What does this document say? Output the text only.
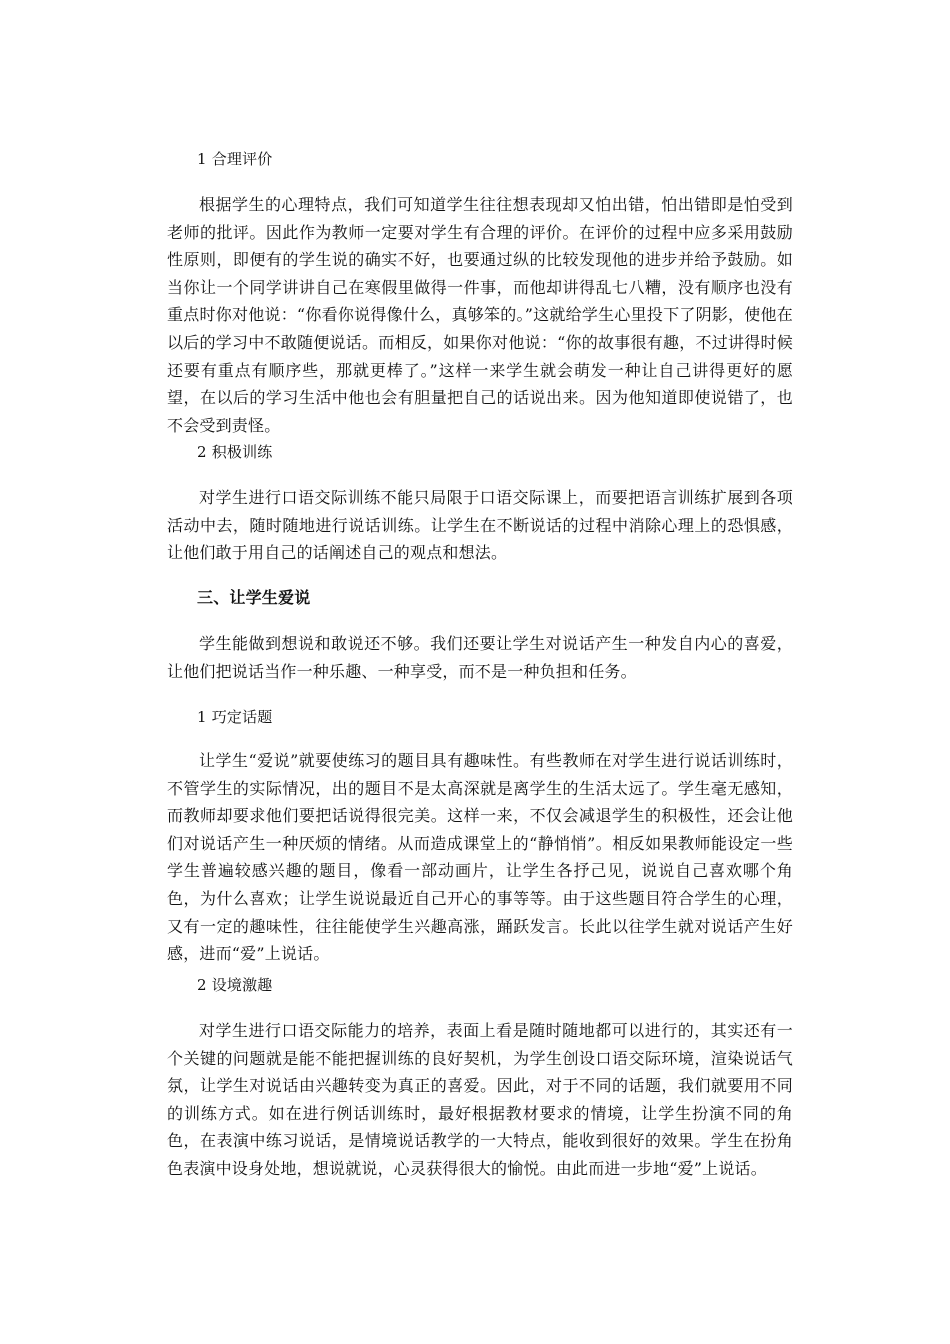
1 合理评价
根据学生的心理特点，我们可知道学生往往想表现却又怕出错，怕出错即是怕受到老师的批评。因此作为教师一定要对学生有合理的评价。在评价的过程中应多采用鼓励性原则，即便有的学生说的确实不好，也要通过纵的比较发现他的进步并给予鼓励。如当你让一个同学讲讲自己在寒假里做得一件事，而他却讲得乱七八糟，没有顺序也没有重点时你对他说：“你看你说得像什么，真够笨的。”这就给学生心里投下了阴影，使他在以后的学习中不敢随便说话。而相反，如果你对他说：“你的故事很有趣，不过讲得时候还要有重点有顺序些，那就更棒了。”这样一来学生就会萌发一种让自己讲得更好的愿望，在以后的学习生活中他也会有胆量把自己的话说出来。因为他知道即使说错了，也不会受到责怪。
2 积极训练
对学生进行口语交际训练不能只局限于口语交际课上，而要把语言训练扩展到各项活动中去，随时随地进行说话训练。让学生在不断说话的过程中消除心理上的恐惧感，让他们敢于用自己的话阐述自己的观点和想法。
三、让学生爱说
学生能做到想说和敢说还不够。我们还要让学生对说话产生一种发自内心的喜爱，让他们把说话当作一种乐趣、一种享受，而不是一种负担和任务。
1 巧定话题
让学生“爱说”就要使练习的题目具有趣味性。有些教师在对学生进行说话训练时，不管学生的实际情况，出的题目不是太高深就是离学生的生活太远了。学生毫无感知，而教师却要求他们要把话说得很完美。这样一来，不仅会减退学生的积极性，还会让他们对说话产生一种厌烦的情绪。从而造成课堂上的“静悄悄”。相反如果教师能设定一些学生普遍较感兴趣的题目，像看一部动画片，让学生各抒己见，说说自己喜欢哪个角色，为什么喜欢；让学生说说最近自己开心的事等等。由于这些题目符合学生的心理，又有一定的趣味性，往往能使学生兴趣高涨，踊跃发言。长此以往学生就对说话产生好感，进而“爱”上说话。
2 设境激趣
对学生进行口语交际能力的培养，表面上看是随时随地都可以进行的，其实还有一个关键的问题就是能不能把握训练的良好契机，为学生创设口语交际环境，渲染说话气氛，让学生对说话由兴趣转变为真正的喜爱。因此，对于不同的话题，我们就要用不同的训练方式。如在进行例话训练时，最好根据教材要求的情境，让学生扮演不同的角色，在表演中练习说话，是情境说话教学的一大特点，能收到很好的效果。学生在扮角色表演中设身处地，想说就说，心灵获得很大的愉悦。由此而进一步地“爱”上说话。
